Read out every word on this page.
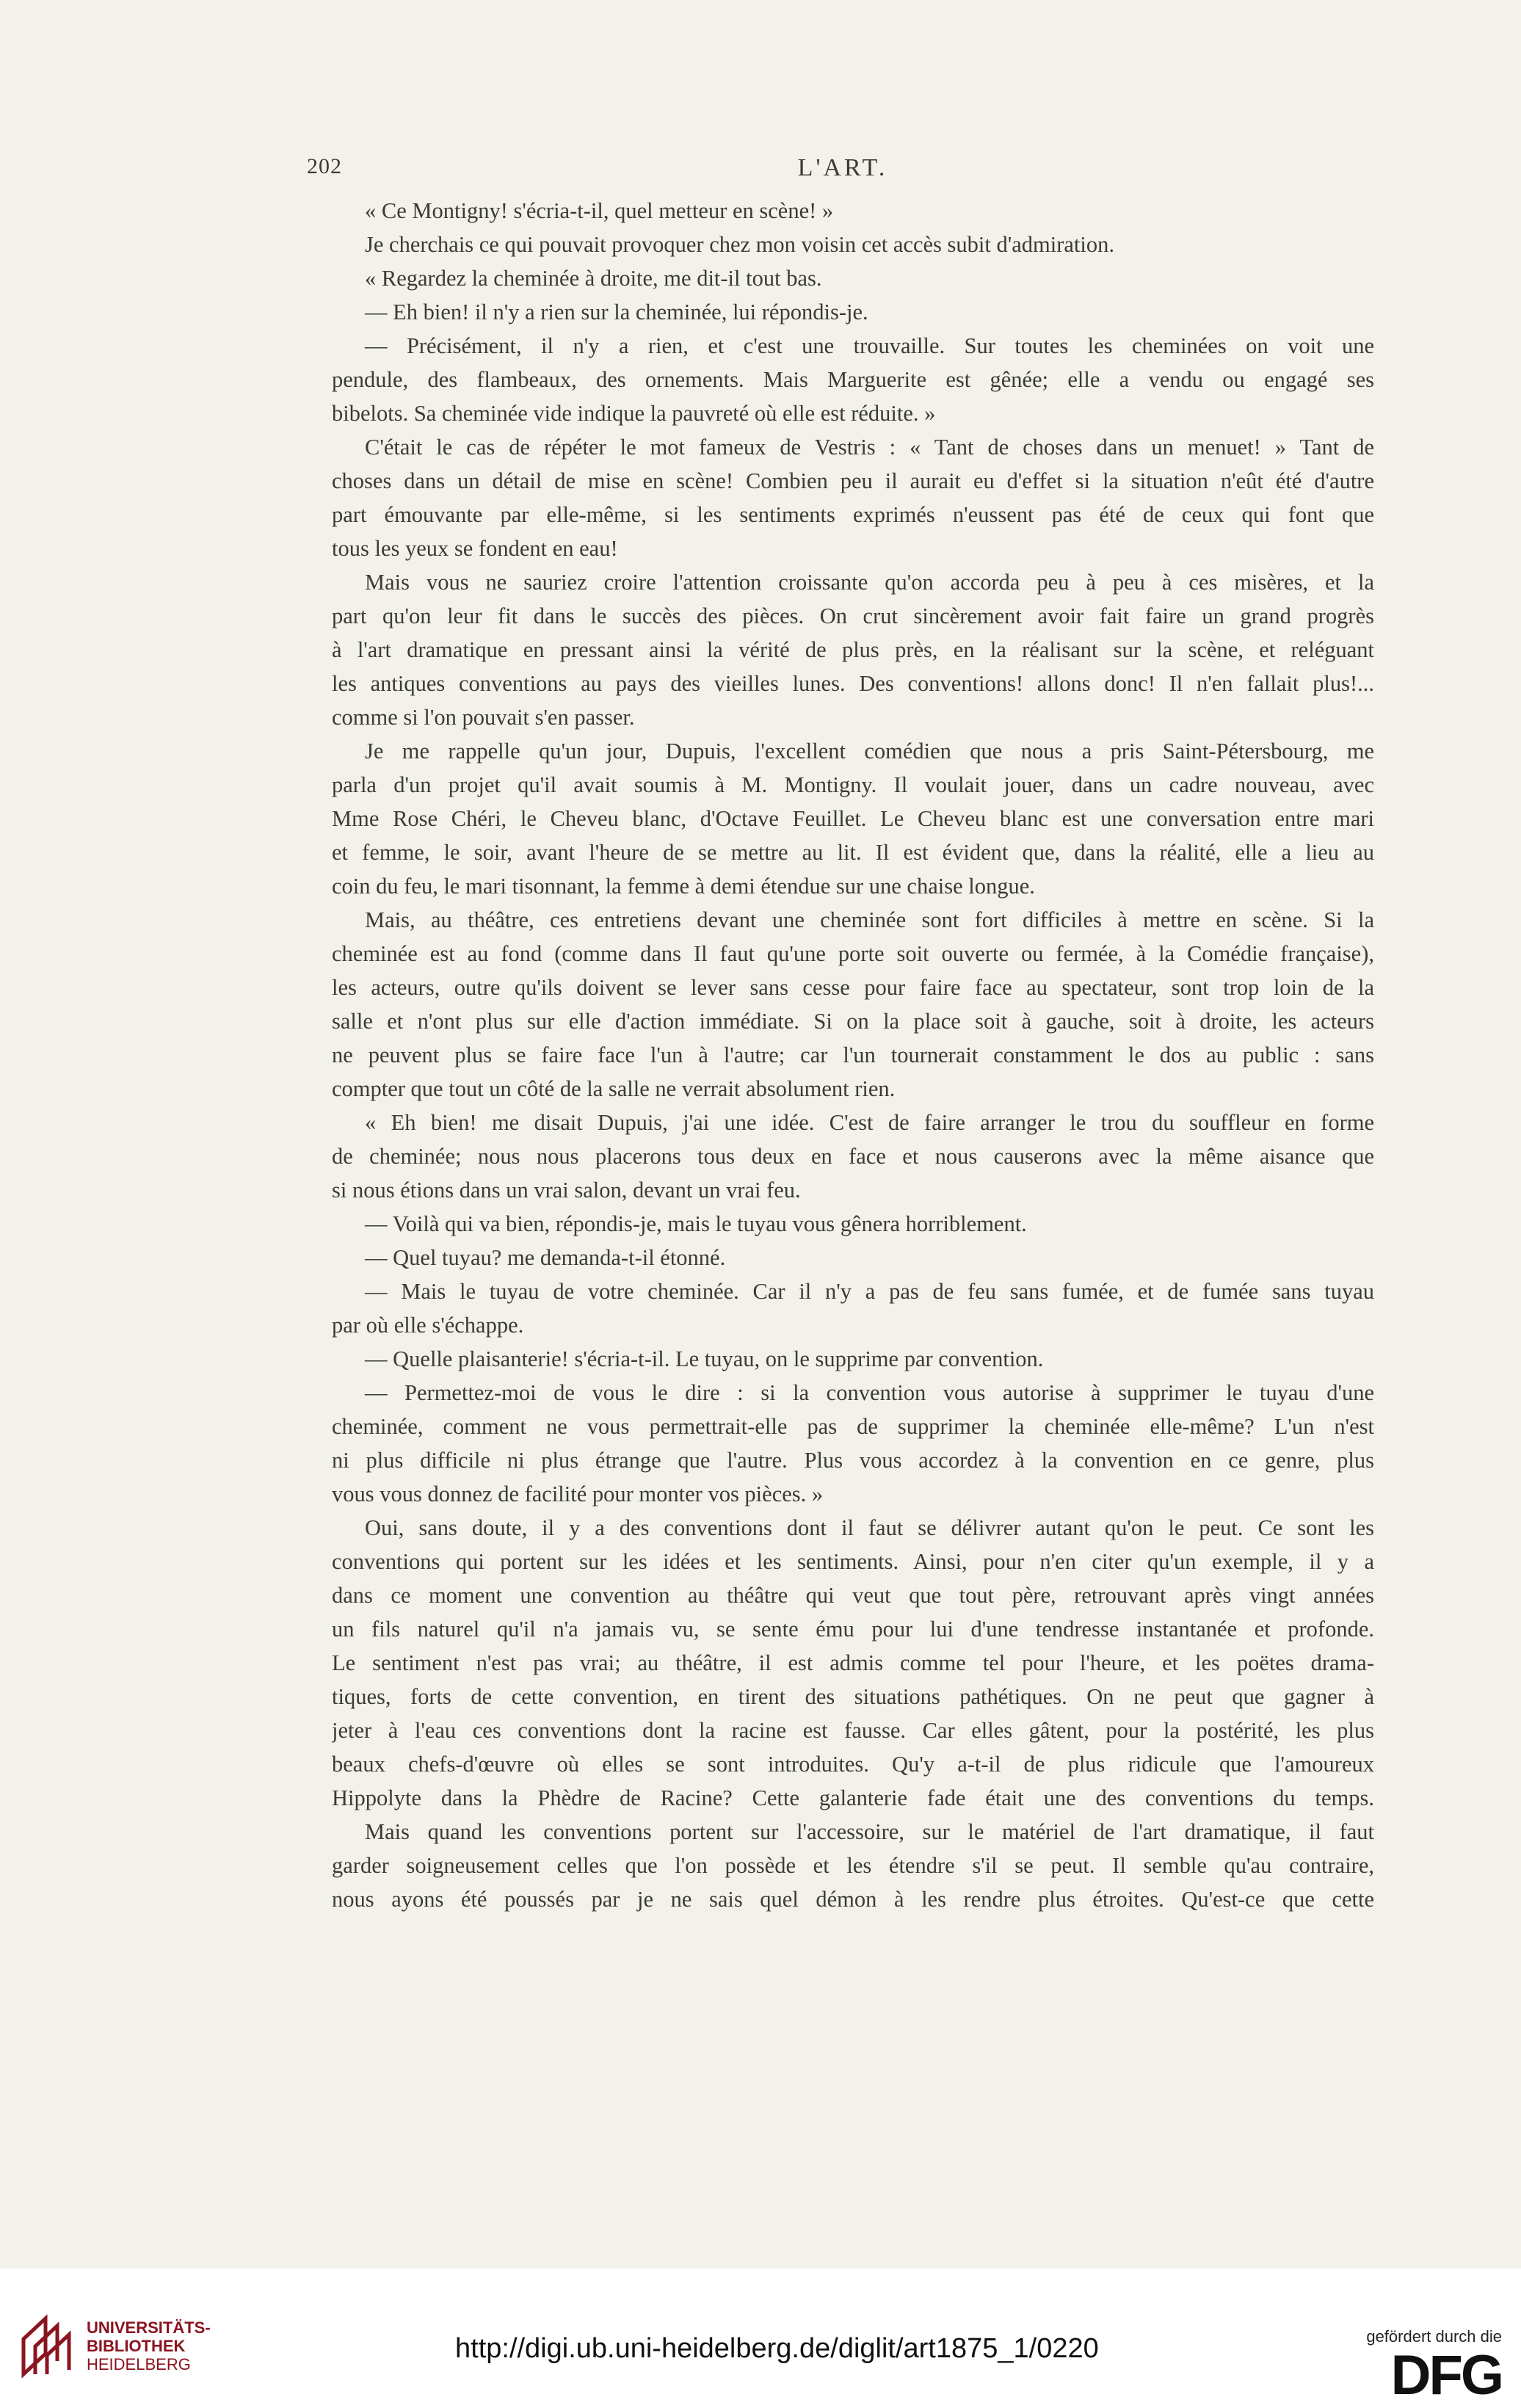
202	L'ART.
« Ce Montigny! s'écria-t-il, quel metteur en scène! »
Je cherchais ce qui pouvait provoquer chez mon voisin cet accès subit d'admiration.
« Regardez la cheminée à droite, me dit-il tout bas.
— Eh bien! il n'y a rien sur la cheminée, lui répondis-je.
— Précisément, il n'y a rien, et c'est une trouvaille. Sur toutes les cheminées on voit une
pendule, des flambeaux, des ornements. Mais Marguerite est gênée; elle a vendu ou engagé ses
bibelots. Sa cheminée vide indique la pauvreté où elle est réduite. »
C'était le cas de répéter le mot fameux de Vestris : « Tant de choses dans un menuet! » Tant de
choses dans un détail de mise en scène! Combien peu il aurait eu d'effet si la situation n'eût été d'autre
part émouvante par elle-même, si les sentiments exprimés n'eussent pas été de ceux qui font que
tous les yeux se fondent en eau!
Mais vous ne sauriez croire l'attention croissante qu'on accorda peu à peu à ces misères, et la
part qu'on leur fit dans le succès des pièces. On crut sincèrement avoir fait faire un grand progrès
à l'art dramatique en pressant ainsi la vérité de plus près, en la réalisant sur la scène, et reléguant
les antiques conventions au pays des vieilles lunes. Des conventions! allons donc! Il n'en fallait plus!...
comme si l'on pouvait s'en passer.
Je me rappelle qu'un jour, Dupuis, l'excellent comédien que nous a pris Saint-Pétersbourg, me
parla d'un projet qu'il avait soumis à M. Montigny. Il voulait jouer, dans un cadre nouveau, avec
Mme Rose Chéri, le Cheveu blanc, d'Octave Feuillet. Le Cheveu blanc est une conversation entre mari
et femme, le soir, avant l'heure de se mettre au lit. Il est évident que, dans la réalité, elle a lieu au
coin du feu, le mari tisonnant, la femme à demi étendue sur une chaise longue.
Mais, au théâtre, ces entretiens devant une cheminée sont fort difficiles à mettre en scène. Si la
cheminée est au fond (comme dans Il faut qu'une porte soit ouverte ou fermée, à la Comédie française),
les acteurs, outre qu'ils doivent se lever sans cesse pour faire face au spectateur, sont trop loin de la
salle et n'ont plus sur elle d'action immédiate. Si on la place soit à gauche, soit à droite, les acteurs
ne peuvent plus se faire face l'un à l'autre; car l'un tournerait constamment le dos au public : sans
compter que tout un côté de la salle ne verrait absolument rien.
« Eh bien! me disait Dupuis, j'ai une idée. C'est de faire arranger le trou du souffleur en forme
de cheminée; nous nous placerons tous deux en face et nous causerons avec la même aisance que
si nous étions dans un vrai salon, devant un vrai feu.
— Voilà qui va bien, répondis-je, mais le tuyau vous gênera horriblement.
— Quel tuyau? me demanda-t-il étonné.
— Mais le tuyau de votre cheminée. Car il n'y a pas de feu sans fumée, et de fumée sans tuyau
par où elle s'échappe.
— Quelle plaisanterie! s'écria-t-il. Le tuyau, on le supprime par convention.
— Permettez-moi de vous le dire : si la convention vous autorise à supprimer le tuyau d'une
cheminée, comment ne vous permettrait-elle pas de supprimer la cheminée elle-même? L'un n'est
ni plus difficile ni plus étrange que l'autre. Plus vous accordez à la convention en ce genre, plus
vous vous donnez de facilité pour monter vos pièces. »
Oui, sans doute, il y a des conventions dont il faut se délivrer autant qu'on le peut. Ce sont les
conventions qui portent sur les idées et les sentiments. Ainsi, pour n'en citer qu'un exemple, il y a
dans ce moment une convention au théâtre qui veut que tout père, retrouvant après vingt années
un fils naturel qu'il n'a jamais vu, se sente ému pour lui d'une tendresse instantanée et profonde.
Le sentiment n'est pas vrai; au théâtre, il est admis comme tel pour l'heure, et les poëtes drama-
tiques, forts de cette convention, en tirent des situations pathétiques. On ne peut que gagner à
jeter à l'eau ces conventions dont la racine est fausse. Car elles gâtent, pour la postérité, les plus
beaux chefs-d'œuvre où elles se sont introduites. Qu'y a-t-il de plus ridicule que l'amoureux
Hippolyte dans la Phèdre de Racine? Cette galanterie fade était une des conventions du temps.
Mais quand les conventions portent sur l'accessoire, sur le matériel de l'art dramatique, il faut
garder soigneusement celles que l'on possède et les étendre s'il se peut. Il semble qu'au contraire,
nous ayons été poussés par je ne sais quel démon à les rendre plus étroites. Qu'est-ce que cette
UNIVERSITÄTS-
BIBLIOTHEK
HEIDELBERG
http://digi.ub.uni-heidelberg.de/diglit/art1875_1/0220	gefördert durch die
DFG
